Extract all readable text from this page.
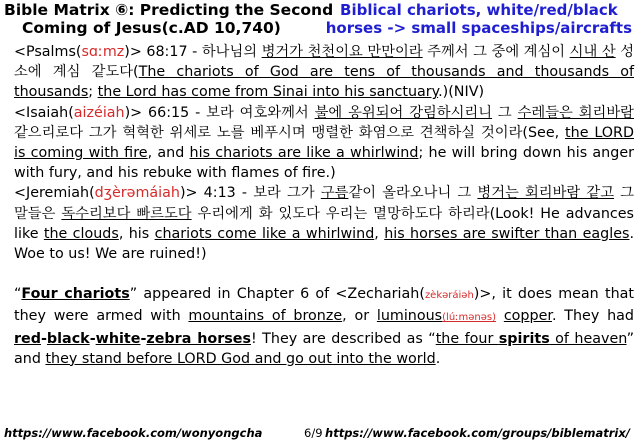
Bible Matrix ⑥: Predicting the Second
Coming of Jesus(c.AD 10,740)
Biblical chariots, white/red/black
horses -> small spaceships/aircrafts

<Psalms(sɑːmz)> 68:17 - 하나님의 병거가 천천이요 만만이라 주께서 그 중에 계심이 시내 산 성소에 계심 같도다(The chariots of God are tens of thousands and thousands of thousands; the Lord has come from Sinai into his sanctuary.)(NIV)

<Isaiah(aizéiah)> 66:15 - 보라 여호와께서 불에 옹위되어 강림하시리니 그 수레들은 회리바람 같으리로다 그가 혁혁한 위세로 노를 베푸시며 맹렬한 화염으로 견책하실 것이라(See, the LORD is coming with fire, and his chariots are like a whirlwind; he will bring down his anger with fury, and his rebuke with flames of fire.)

<Jeremiah(dʒèrəmáiah)> 4:13 - 보라 그가 구름같이 올라오나니 그 병거는 회리바람 같고 그 말들은 독수리보다 빠르도다 우리에게 화 있도다 우리는 멸망하도다 하리라(Look! He advances like the clouds, his chariots come like a whirlwind, his horses are swifter than eagles. Woe to us! We are ruined!)

“Four chariots” appeared in Chapter 6 of <Zechariah(zèkəráiəh)>, it does mean that they were armed with mountains of bronze, or luminous(lúːmənəs) copper. They had red-black-white-zebra horses! They are described as “the four spirits of heaven” and they stand before LORD God and go out into the world.

https://www.facebook.com/wonyongcha	6/9 https://www.facebook.com/groups/biblematrix/
